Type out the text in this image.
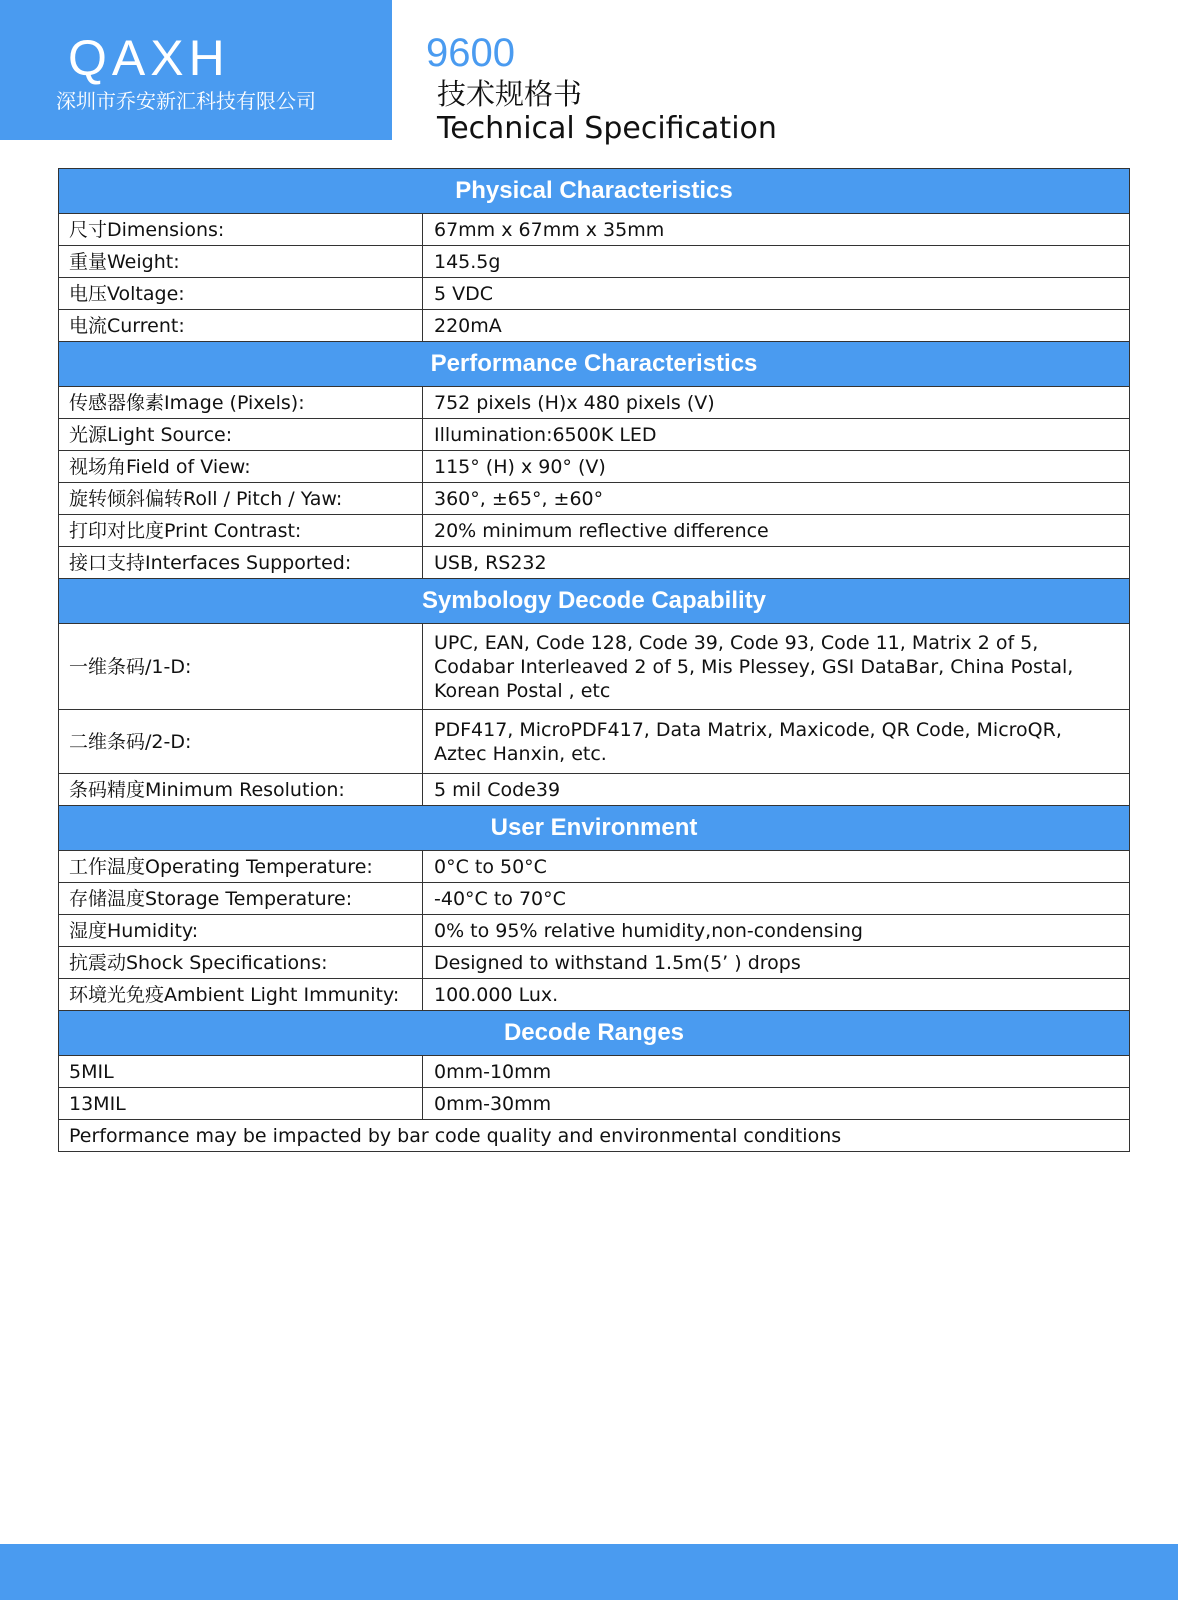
QAXH
深圳市乔安新汇科技有限公司
9600
技术规格书
Technical Specification
Physical Characteristics	
尺寸Dimensions:	67mm x 67mm x 35mm
重量Weight:	145.5g
电压Voltage:	5 VDC
电流Current:	220mA
Performance Characteristics	
传感器像素Image (Pixels):	752 pixels (H)x 480 pixels (V)
光源Light Source:	Illumination:6500K LED
视场角Field of View:	115° (H) x 90° (V)
旋转倾斜偏转Roll / Pitch / Yaw:	360°, ±65°, ±60°
打印对比度Print Contrast:	20% minimum reflective difference
接口支持Interfaces Supported:	USB, RS232
Symbology Decode Capability	
一维条码/1-D:	UPC, EAN, Code 128, Code 39, Code 93, Code 11, Matrix 2 of 5, Codabar Interleaved 2 of 5, Mis Plessey, GSI DataBar, China Postal, Korean Postal , etc
二维条码/2-D:	PDF417, MicroPDF417, Data Matrix, Maxicode, QR Code, MicroQR, Aztec Hanxin, etc.
条码精度Minimum Resolution:	5 mil Code39
User Environment	
工作温度Operating Temperature:	0°C to 50°C
存储温度Storage Temperature:	-40°C to 70°C
湿度Humidity:	0% to 95% relative humidity,non-condensing
抗震动Shock Specifications:	Designed to withstand 1.5m(5’ ) drops
环境光免疫Ambient Light Immunity:	100.000 Lux.
Decode Ranges	
5MIL	0mm-10mm
13MIL	0mm-30mm
Performance may be impacted by bar code quality and environmental conditions	
